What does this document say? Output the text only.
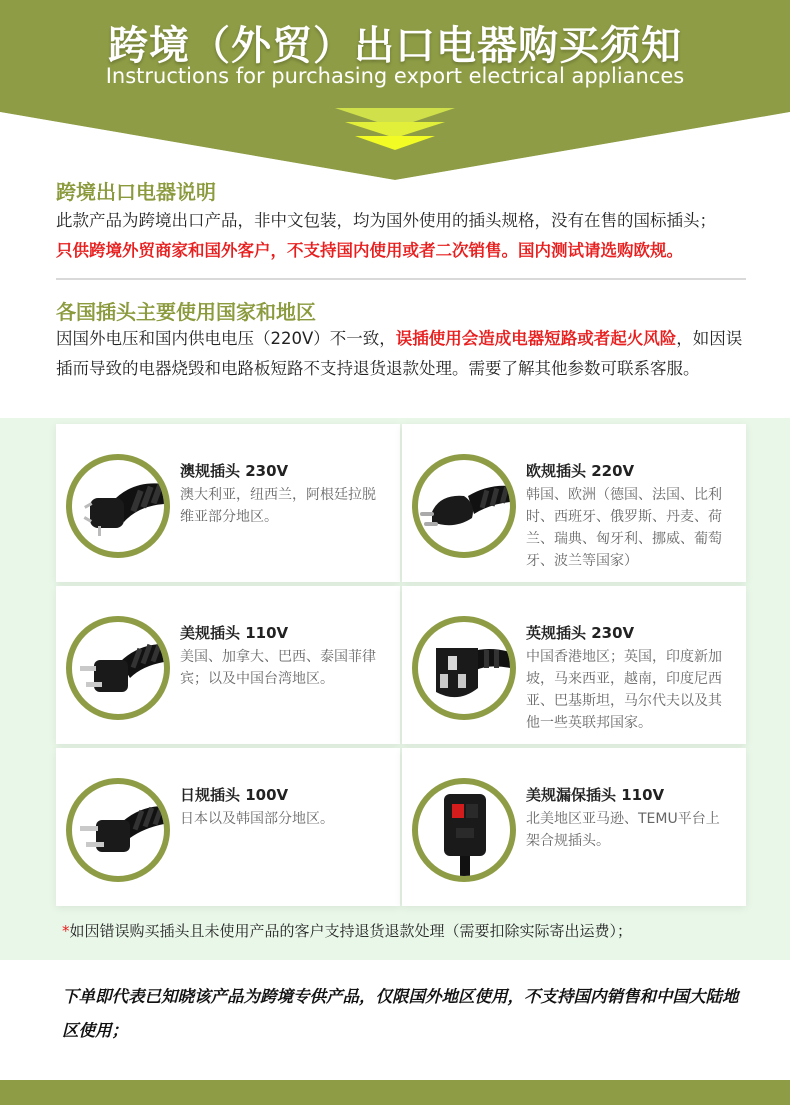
跨境（外贸）出口电器购买须知
Instructions for purchasing export electrical appliances
跨境出口电器说明
此款产品为跨境出口产品，非中文包装，均为国外使用的插头规格，没有在售的国标插头；
只供跨境外贸商家和国外客户，不支持国内使用或者二次销售。国内测试请选购欧规。
各国插头主要使用国家和地区
因国外电压和国内供电电压（220V）不一致，误插使用会造成电器短路或者起火风险，如因误插而导致的电器烧毁和电路板短路不支持退货退款处理。需要了解其他参数可联系客服。
澳规插头 230V
澳大利亚，纽西兰，阿根廷拉脱维亚部分地区。
欧规插头 220V
韩国、欧洲（德国、法国、比利时、西班牙、俄罗斯、丹麦、荷兰、瑞典、匈牙利、挪威、葡萄牙、波兰等国家）
美规插头 110V
美国、加拿大、巴西、泰国菲律宾；以及中国台湾地区。
英规插头 230V
中国香港地区；英国，印度新加坡，马来西亚，越南，印度尼西亚、巴基斯坦，马尔代夫以及其他一些英联邦国家。
日规插头 100V
日本以及韩国部分地区。
美规漏保插头 110V
北美地区亚马逊、TEMU平台上架合规插头。
*如因错误购买插头且未使用产品的客户支持退货退款处理（需要扣除实际寄出运费）；
下单即代表已知晓该产品为跨境专供产品，仅限国外地区使用，不支持国内销售和中国大陆地区使用；
